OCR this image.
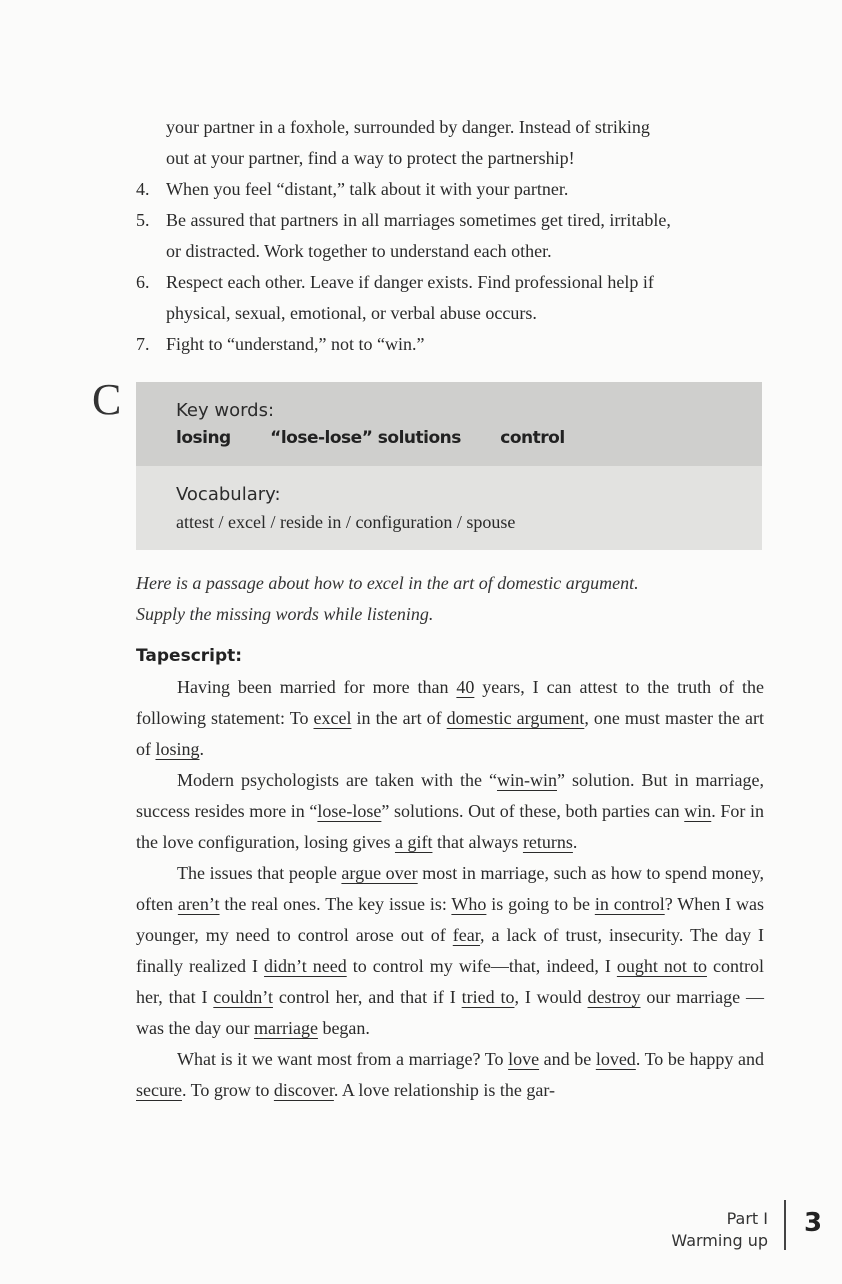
your partner in a foxhole, surrounded by danger. Instead of striking
out at your partner, find a way to protect the partnership!
4. When you feel “distant,” talk about it with your partner.
5. Be assured that partners in all marriages sometimes get tired, irritable,
or distracted. Work together to understand each other.
6. Respect each other. Leave if danger exists. Find professional help if
physical, sexual, emotional, or verbal abuse occurs.
7. Fight to “understand,” not to “win.”
C	Key words:
losing “lose-lose” solutions control
Vocabulary:
attest / excel / reside in / configuration / spouse
Here is a passage about how to excel in the art of domestic argument.
Supply the missing words while listening.
Tapescript:

Having been married for more than 40 years, I can attest to the truth of the following statement: To excel in the art of domestic argument, one must master the art of losing.

Modern psychologists are taken with the “win-win” solution. But in marriage, success resides more in “lose-lose” solutions. Out of these, both parties can win. For in the love configuration, losing gives a gift that always returns.

The issues that people argue over most in marriage, such as how to spend money, often aren’t the real ones. The key issue is: Who is going to be in control? When I was younger, my need to control arose out of fear, a lack of trust, insecurity. The day I finally realized I didn’t need to control my wife—that, indeed, I ought not to control her, that I couldn’t control her, and that if I tried to, I would destroy our marriage — was the day our marriage began.

What is it we want most from a marriage? To love and be loved. To be happy and secure. To grow to discover. A love relationship is the gar-

Part I
Warming up
3
